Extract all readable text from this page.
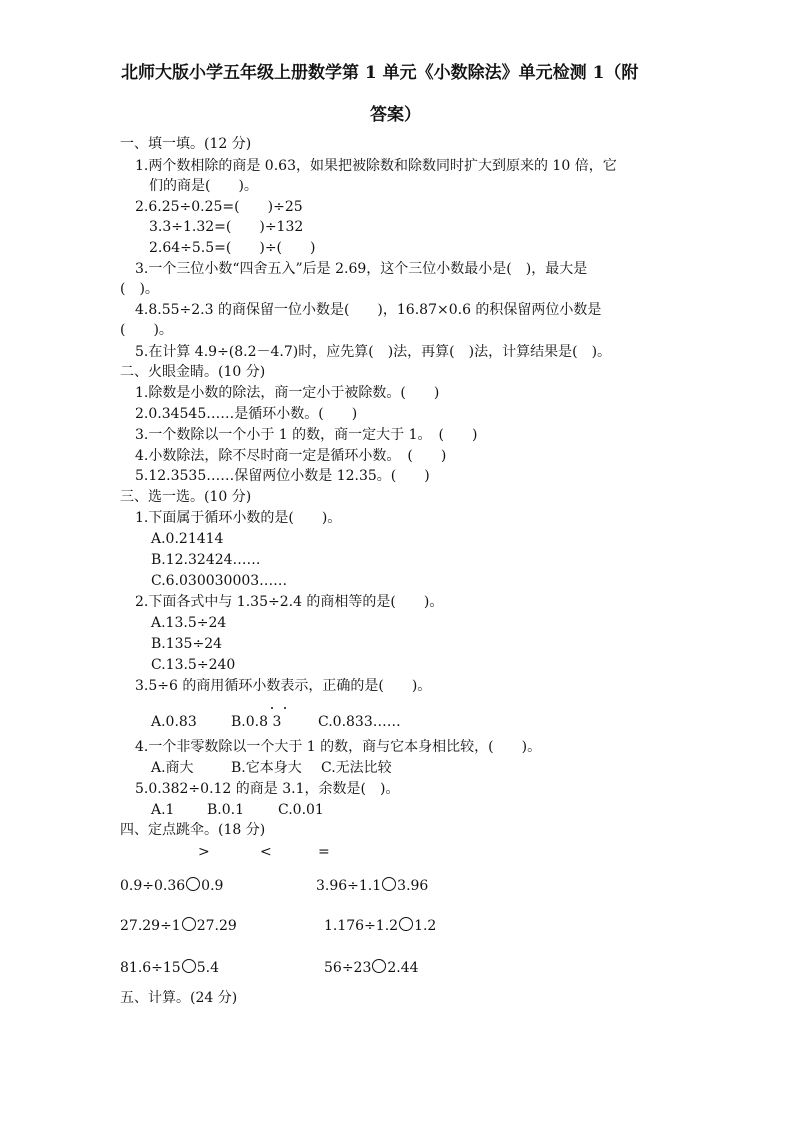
北师大版小学五年级上册数学第 1 单元《小数除法》单元检测 1（附
答案）
一、填一填。(12 分)
1.两个数相除的商是 0.63，如果把被除数和除数同时扩大到原来的 10 倍，它
们的商是(　　)。
2.6.25÷0.25=(　　)÷25
3.3÷1.32=(　　)÷132
2.64÷5.5=(　　)÷(　　)
3.一个三位小数“四舍五入”后是 2.69，这个三位小数最小是(　)，最大是
(　)。
4.8.55÷2.3 的商保留一位小数是(　　)，16.87×0.6 的积保留两位小数是
(　　)。
5.在计算 4.9÷(8.2－4.7)时，应先算(　)法，再算(　)法，计算结果是(　)。
二、火眼金睛。(10 分)
1.除数是小数的除法，商一定小于被除数。(　　)
2.0.34545……是循环小数。(　　)
3.一个数除以一个小于 1 的数，商一定大于 1。　(　　)
4.小数除法，除不尽时商一定是循环小数。　(　　)
5.12.3535……保留两位小数是 12.35。(　　)
三、选一选。(10 分)
1.下面属于循环小数的是(　　)。
A.0.21414
B.12.32424……
C.6.030030003……
2.下面各式中与 1.35÷2.4 的商相等的是(　　)。
A.13.5÷24
B.135÷24
C.13.5÷240
3.5÷6 的商用循环小数表示，正确的是(　　)。
A.0.83 B.0.8 3	C.0.833……
4.一个非零数除以一个大于 1 的数，商与它本身相比较，(　　)。
A.商大	B.它本身大 C.无法比较
5.0.382÷0.12 的商是 3.1，余数是(　)。
A.1 B.0.1 C.0.01
四、定点跳伞。(18 分)
>	<	=
0.9÷0.36 0.9	3.96÷1.1 3.96
27.29÷1 27.29	1.176÷1.2 1.2
81.6÷15 5.4	56÷23 2.44
五、计算。(24 分)
